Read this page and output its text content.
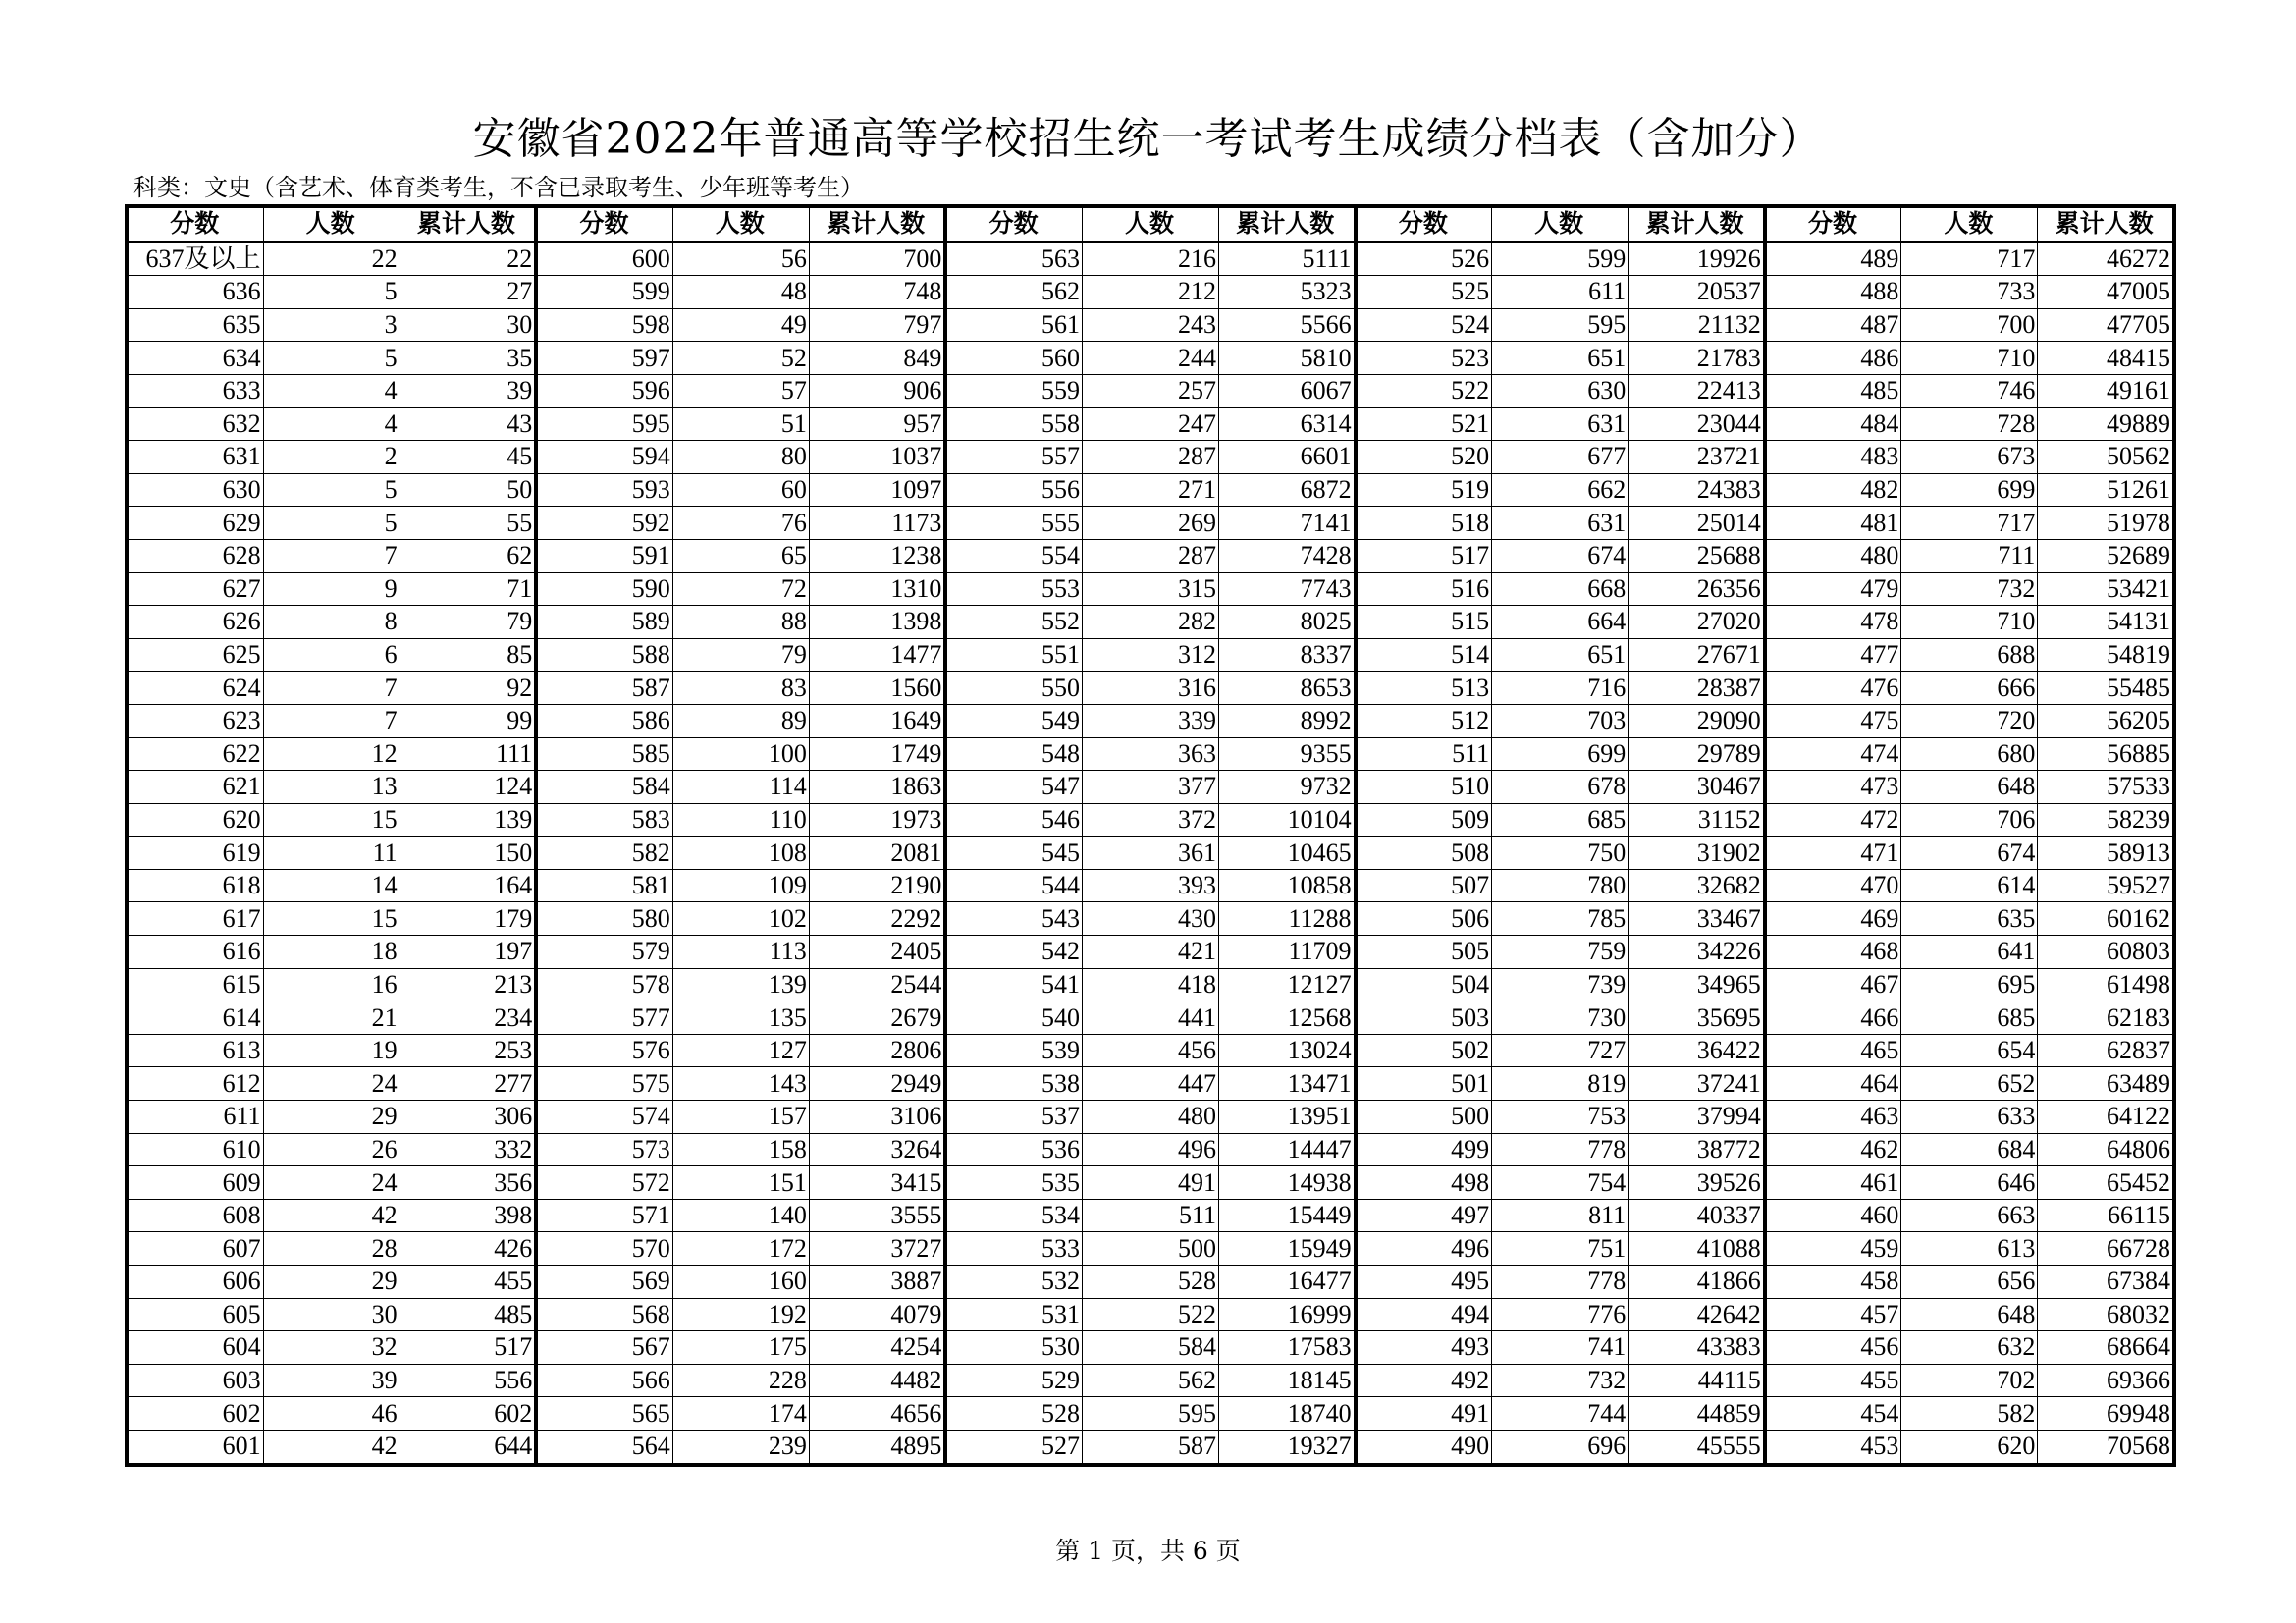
安徽省2022年普通高等学校招生统一考试考生成绩分档表（含加分）
科类：文史（含艺术、体育类考生，不含已录取考生、少年班等考生）
分数	人数	累计人数	分数	人数	累计人数	分数	人数	累计人数	分数	人数	累计人数	分数	人数	累计人数
637及以上	22	22	600	56	700	563	216	5111	526	599	19926	489	717	46272
636	5	27	599	48	748	562	212	5323	525	611	20537	488	733	47005
635	3	30	598	49	797	561	243	5566	524	595	21132	487	700	47705
634	5	35	597	52	849	560	244	5810	523	651	21783	486	710	48415
633	4	39	596	57	906	559	257	6067	522	630	22413	485	746	49161
632	4	43	595	51	957	558	247	6314	521	631	23044	484	728	49889
631	2	45	594	80	1037	557	287	6601	520	677	23721	483	673	50562
630	5	50	593	60	1097	556	271	6872	519	662	24383	482	699	51261
629	5	55	592	76	1173	555	269	7141	518	631	25014	481	717	51978
628	7	62	591	65	1238	554	287	7428	517	674	25688	480	711	52689
627	9	71	590	72	1310	553	315	7743	516	668	26356	479	732	53421
626	8	79	589	88	1398	552	282	8025	515	664	27020	478	710	54131
625	6	85	588	79	1477	551	312	8337	514	651	27671	477	688	54819
624	7	92	587	83	1560	550	316	8653	513	716	28387	476	666	55485
623	7	99	586	89	1649	549	339	8992	512	703	29090	475	720	56205
622	12	111	585	100	1749	548	363	9355	511	699	29789	474	680	56885
621	13	124	584	114	1863	547	377	9732	510	678	30467	473	648	57533
620	15	139	583	110	1973	546	372	10104	509	685	31152	472	706	58239
619	11	150	582	108	2081	545	361	10465	508	750	31902	471	674	58913
618	14	164	581	109	2190	544	393	10858	507	780	32682	470	614	59527
617	15	179	580	102	2292	543	430	11288	506	785	33467	469	635	60162
616	18	197	579	113	2405	542	421	11709	505	759	34226	468	641	60803
615	16	213	578	139	2544	541	418	12127	504	739	34965	467	695	61498
614	21	234	577	135	2679	540	441	12568	503	730	35695	466	685	62183
613	19	253	576	127	2806	539	456	13024	502	727	36422	465	654	62837
612	24	277	575	143	2949	538	447	13471	501	819	37241	464	652	63489
611	29	306	574	157	3106	537	480	13951	500	753	37994	463	633	64122
610	26	332	573	158	3264	536	496	14447	499	778	38772	462	684	64806
609	24	356	572	151	3415	535	491	14938	498	754	39526	461	646	65452
608	42	398	571	140	3555	534	511	15449	497	811	40337	460	663	66115
607	28	426	570	172	3727	533	500	15949	496	751	41088	459	613	66728
606	29	455	569	160	3887	532	528	16477	495	778	41866	458	656	67384
605	30	485	568	192	4079	531	522	16999	494	776	42642	457	648	68032
604	32	517	567	175	4254	530	584	17583	493	741	43383	456	632	68664
603	39	556	566	228	4482	529	562	18145	492	732	44115	455	702	69366
602	46	602	565	174	4656	528	595	18740	491	744	44859	454	582	69948
601	42	644	564	239	4895	527	587	19327	490	696	45555	453	620	70568
第 1 页，共 6 页
